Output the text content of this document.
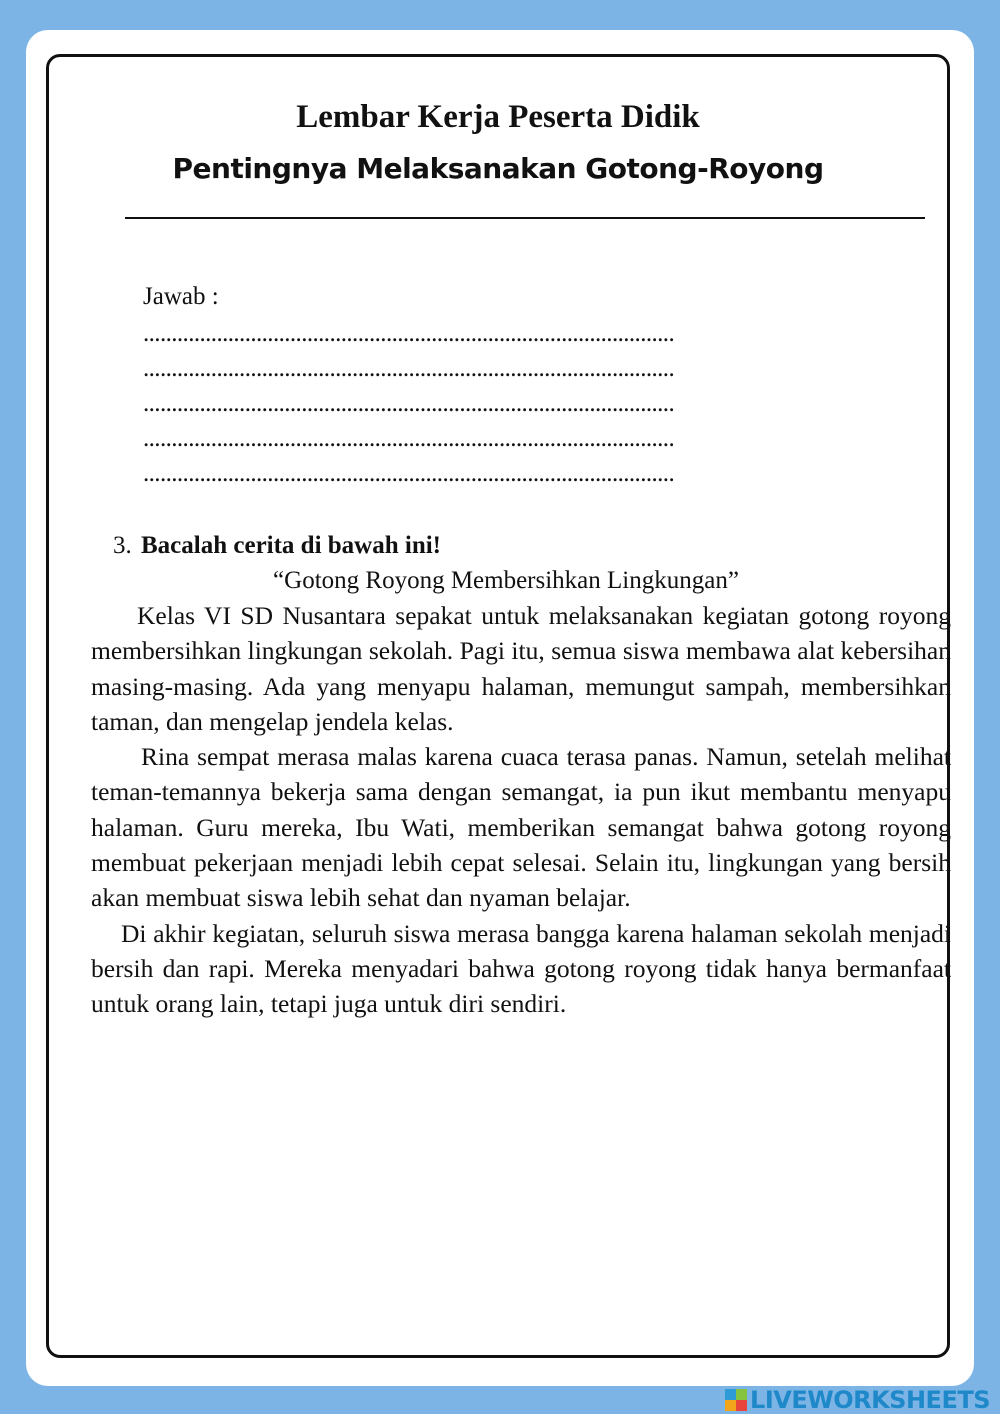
Lembar Kerja Peserta Didik
Pentingnya Melaksanakan Gotong-Royong
Jawab :
..............................................................................................
..............................................................................................
..............................................................................................
..............................................................................................
..............................................................................................
3. Bacalah cerita di bawah ini!
“Gotong Royong Membersihkan Lingkungan”

Kelas VI SD Nusantara sepakat untuk melaksanakan kegiatan gotong royong membersihkan lingkungan sekolah. Pagi itu, semua siswa membawa alat kebersihan masing-masing. Ada yang menyapu halaman, memungut sampah, membersihkan taman, dan mengelap jendela kelas.

Rina sempat merasa malas karena cuaca terasa panas. Namun, setelah melihat teman-temannya bekerja sama dengan semangat, ia pun ikut membantu menyapu halaman. Guru mereka, Ibu Wati, memberikan semangat bahwa gotong royong membuat pekerjaan menjadi lebih cepat selesai. Selain itu, lingkungan yang bersih akan membuat siswa lebih sehat dan nyaman belajar.

Di akhir kegiatan, seluruh siswa merasa bangga karena halaman sekolah menjadi bersih dan rapi. Mereka menyadari bahwa gotong royong tidak hanya bermanfaat untuk orang lain, tetapi juga untuk diri sendiri.

LIVEWORKSHEETS
